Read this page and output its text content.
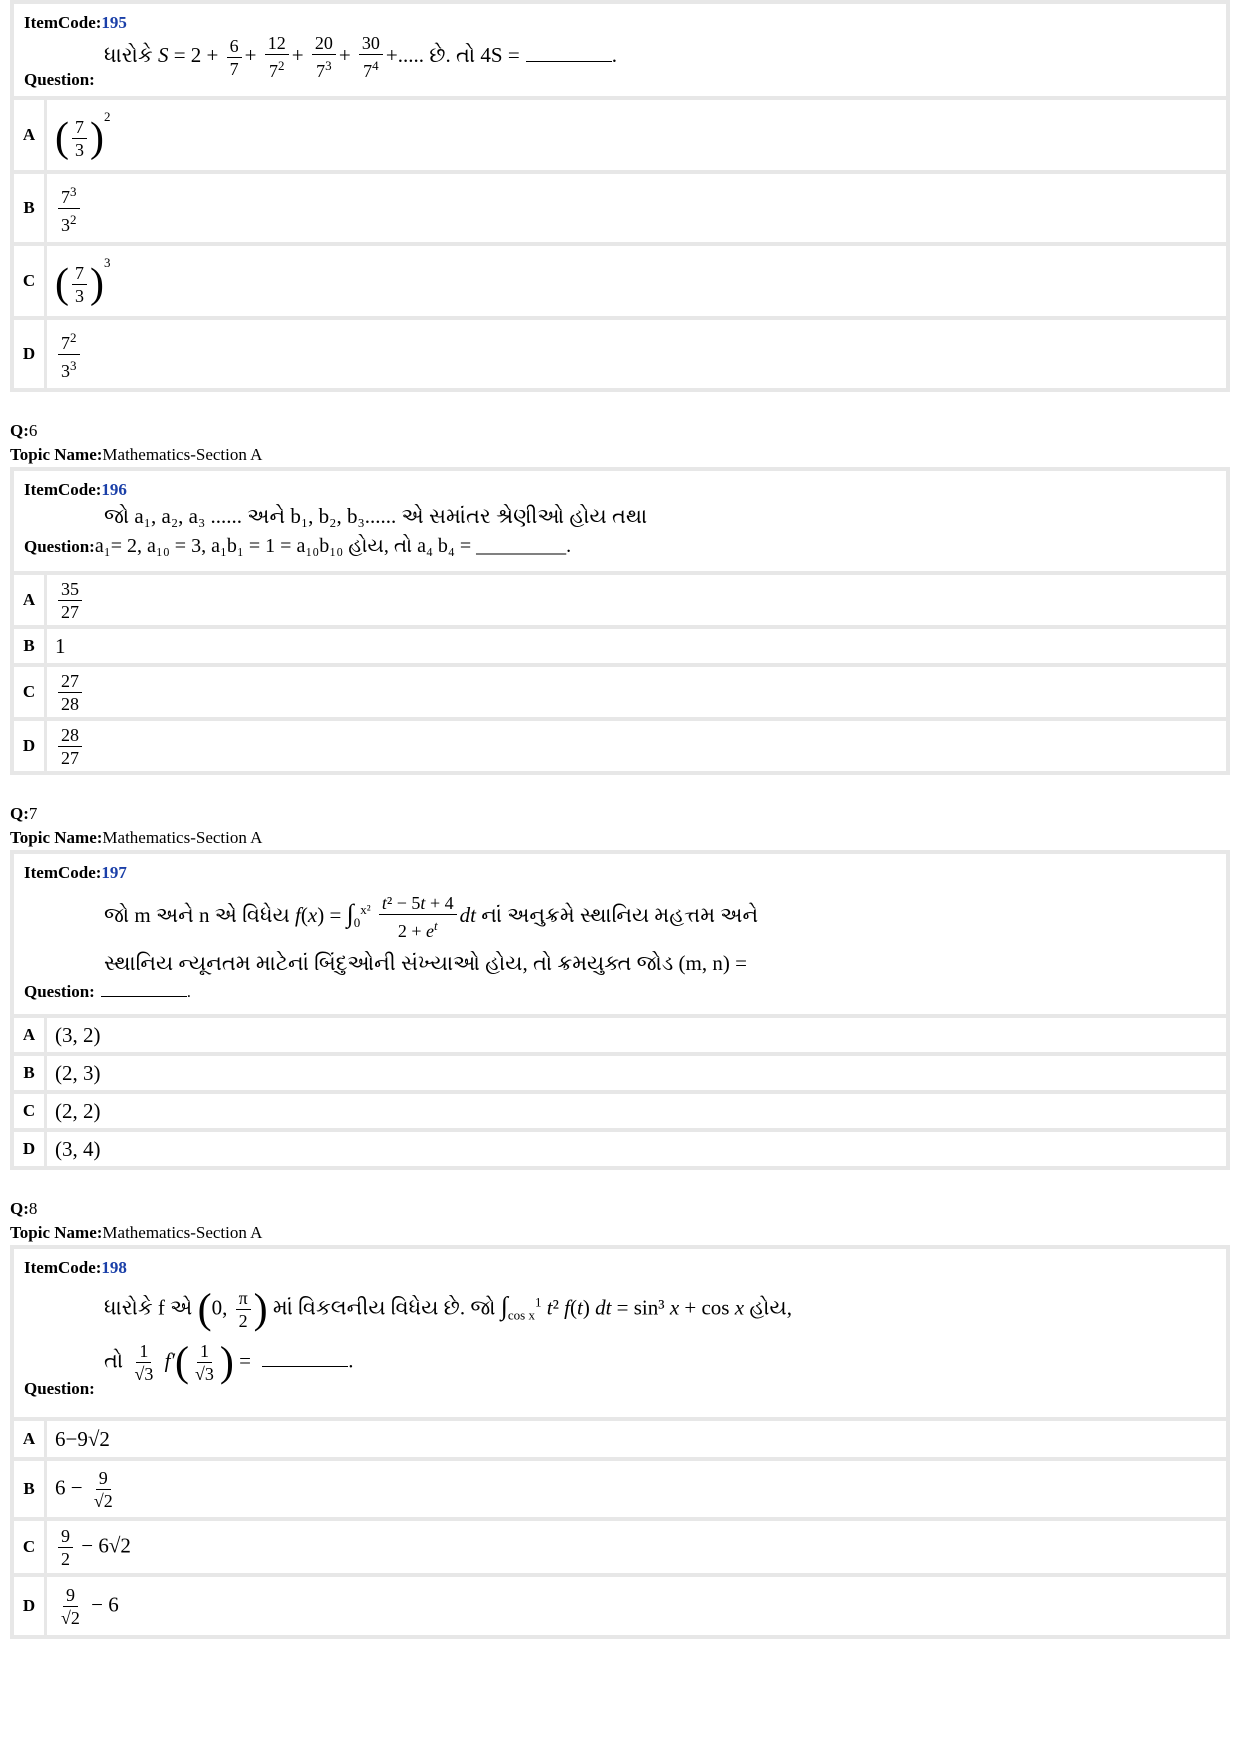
ItemCode:195
ધારોકે $S = 2 + \frac{6}{7} + \frac{12}{7^2} + \frac{20}{7^3} + \frac{30}{7^4}$ +..... છે. તો 4S =	.
Question:
A ( $\frac{7}{3} )^2$
B	$\frac{7^3}{3^2}$
C ( $\frac{7}{3} )^3$
D	$\frac{7^2}{3^3}$
Q:6
Topic Name:Mathematics-Section A
ItemCode:196
જો a₁, a₂, a₃ ...... અને b₁, b₂, b₃...... એ સમાંતર શ્રેણીઓ હોય તથા
Question:a₁= 2, a₁₀ = 3, a₁b₁ = 1 = a₁₀b₁₀ હોય, તો a₄ b₄ = _________.
A	$\frac{35}{27}$
B 1
C	$\frac{27}{28}$
D	$\frac{28}{27}$
Q:7
Topic Name:Mathematics-Section A
ItemCode:197
જો m અને n એ વિધેય $f(x) = \int_0^{x^2} \frac{\text{t² − 5t + 4}}{2 + e^t}$ dt નાં અનુક્રમે સ્થાનિય મહત્તમ અને
સ્થાનિય ન્યૂનતમ માટેનાં બિંદુઓની સંખ્યાઓ હોય, તો ક્રમયુક્ત જોડ (m, n) =
Question:	.
A (3, 2)
B (2, 3)
C (2, 2)
D (3, 4)
Q:8
Topic Name:Mathematics-Section A
ItemCode:198
ધારોકે f એ (0, $\frac{\pi}{2}$ ) માં વિકલનીય વિધેય છે. જો $\int_{cos x}^1$ t² f(t) dt = sin³ x + cos x હોય,
તો $\frac{1}{√3} f'( \frac{1}{√3}$ ) =	.
Question:
A 6−9√2
B $6 - \frac{9}{√2}$
C	$\frac{9}{2} - 6√2$
D	$\frac{9}{√2} - 6$
